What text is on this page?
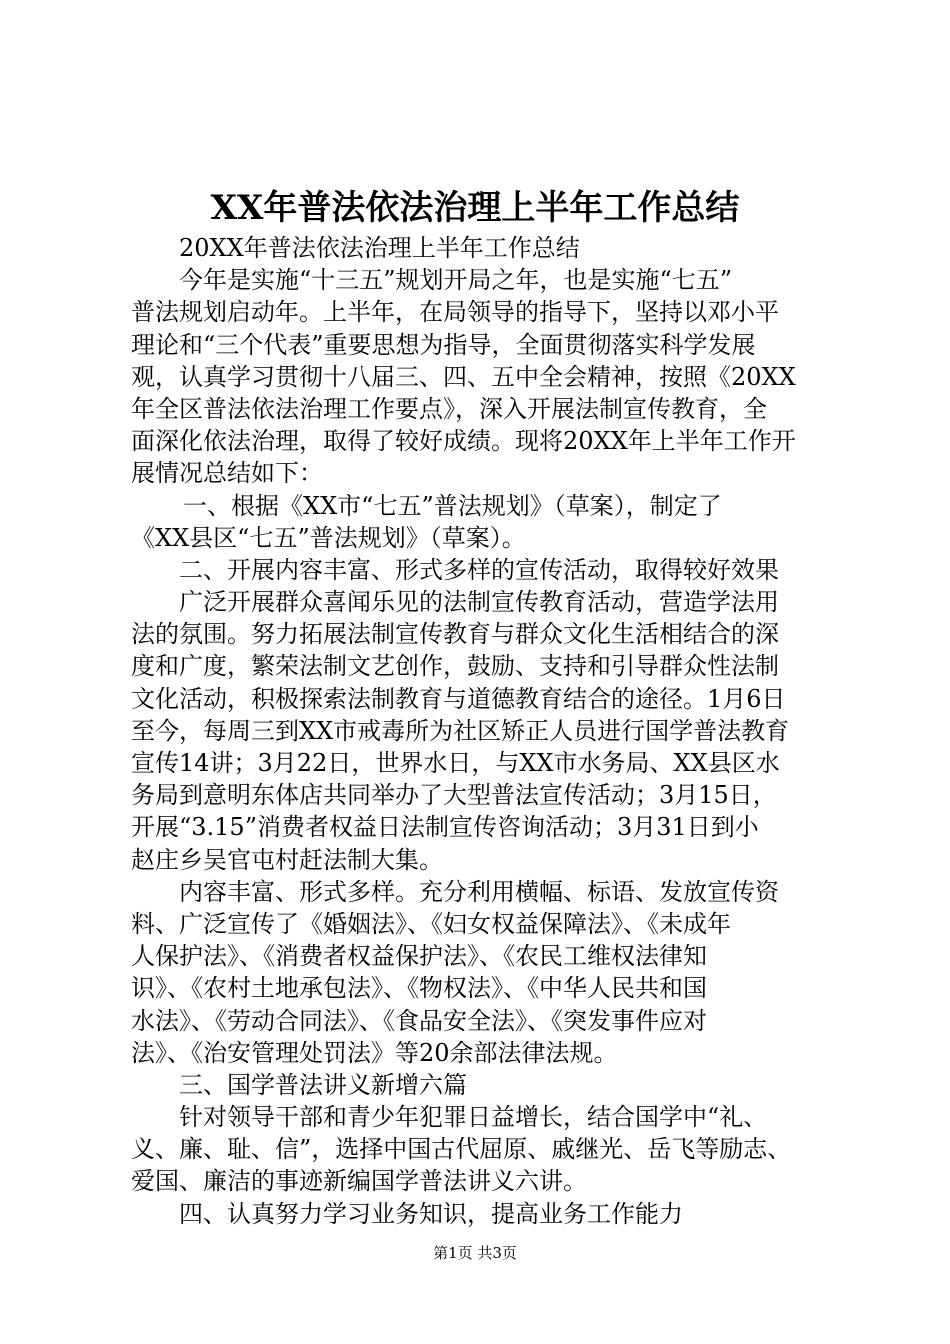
XX年普法依法治理上半年工作总结
20XX年普法依法治理上半年工作总结
今年是实施“十三五”规划开局之年，也是实施“七五”
普法规划启动年。上半年，在局领导的指导下，坚持以邓小平
理论和“三个代表”重要思想为指导，全面贯彻落实科学发展
观，认真学习贯彻十八届三、四、五中全会精神，按照《20XX
年全区普法依法治理工作要点》，深入开展法制宣传教育，全
面深化依法治理，取得了较好成绩。现将20XX年上半年工作开
展情况总结如下：
一、根据《XX市“七五”普法规划》（草案），制定了
《XX县区“七五”普法规划》（草案）。
二、开展内容丰富、形式多样的宣传活动，取得较好效果
广泛开展群众喜闻乐见的法制宣传教育活动，营造学法用
法的氛围。努力拓展法制宣传教育与群众文化生活相结合的深
度和广度，繁荣法制文艺创作，鼓励、支持和引导群众性法制
文化活动，积极探索法制教育与道德教育结合的途径。1月6日
至今，每周三到XX市戒毒所为社区矫正人员进行国学普法教育
宣传14讲；3月22日，世界水日，与XX市水务局、XX县区水
务局到意明东体店共同举办了大型普法宣传活动；3月15日，
开展“3.15”消费者权益日法制宣传咨询活动；3月31日到小
赵庄乡吴官屯村赶法制大集。
内容丰富、形式多样。充分利用横幅、标语、发放宣传资
料、广泛宣传了《婚姻法》、《妇女权益保障法》、《未成年
人保护法》、《消费者权益保护法》、《农民工维权法律知
识》、《农村土地承包法》、《物权法》、《中华人民共和国
水法》、《劳动合同法》、《食品安全法》、《突发事件应对
法》、《治安管理处罚法》等20余部法律法规。
三、国学普法讲义新增六篇
针对领导干部和青少年犯罪日益增长，结合国学中“礼、
义、廉、耻、信”，选择中国古代屈原、戚继光、岳飞等励志、
爱国、廉洁的事迹新编国学普法讲义六讲。
四、认真努力学习业务知识，提高业务工作能力
第1页 共3页
